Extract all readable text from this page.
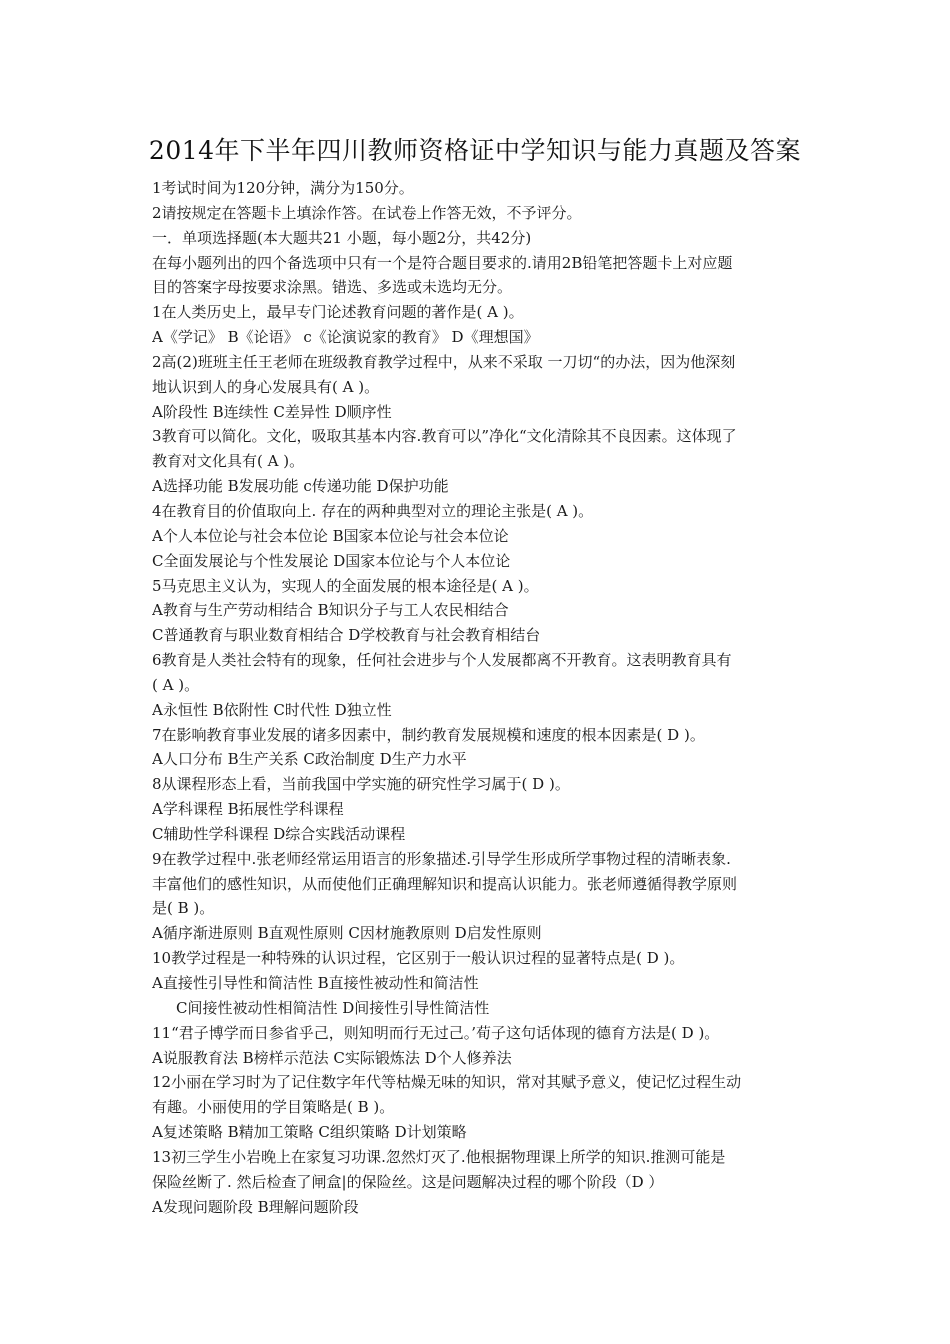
2014年下半年四川教师资格证中学知识与能力真题及答案
1考试时间为120分钟，满分为150分。
2请按规定在答题卡上填涂作答。在试卷上作答无效，不予评分。
一．单项选择题(本大题共21 小题，每小题2分，共42分)
在每小题列出的四个备选项中只有一个是符合题目要求的.请用2B铅笔把答题卡上对应题
目的答案字母按要求涂黑。错选、多选或未选均无分。
1在人类历史上，最早专门论述教育问题的著作是( A )。
A《学记》 B《论语》 c《论演说家的教育》 D《理想国》
2高(2)班班主任王老师在班级教育教学过程中，从来不采取 一刀切“的办法，因为他深刻
地认识到人的身心发展具有( A )。
A阶段性 B连续性 C差异性 D顺序性
3教育可以简化。文化，吸取其基本内容.教育可以”净化“文化清除其不良因素。这体现了
教育对文化具有( A )。
A选择功能 B发展功能 c传递功能 D保护功能
4在教育目的价值取向上. 存在的两种典型对立的理论主张是( A )。
A个人本位论与社会本位论 B国家本位论与社会本位论
C全面发展论与个性发展论 D国家本位论与个人本位论
5马克思主义认为，实现人的全面发展的根本途径是( A )。
A教育与生产劳动相结合 B知识分子与工人农民相结合
C普通教育与职业数育相结合 D学校教育与社会教育相结台
6教育是人类社会特有的现象，任何社会进步与个人发展都离不开教育。这表明教育具有
( A )。
A永恒性 B依附性 C时代性 D独立性
7在影响教育事业发展的诸多因素中，制约教育发展规模和速度的根本因素是( D )。
A人口分布 B生产关系 C政治制度 D生产力水平
8从课程形态上看，当前我国中学实施的研究性学习属于( D )。
A学科课程 B拓展性学科课程
C辅助性学科课程 D综合实践活动课程
9在教学过程中.张老师经常运用语言的形象描述.引导学生形成所学事物过程的清晰表象.
丰富他们的感性知识，从而使他们正确理解知识和提高认识能力。张老师遵循得教学原则
是( B )。
A循序渐进原则 B直观性原则 C因材施教原则 D启发性原则
10教学过程是一种特殊的认识过程，它区别于一般认识过程的显著特点是( D )。
A直接性引导性和简洁性 B直接性被动性和简洁性
C间接性被动性相简洁性 D间接性引导性简洁性
11“君子博学而日参省乎己，则知明而行无过己。’荀子这句话体现的德育方法是( D )。
A说服教育法 B榜样示范法 C实际锻炼法 D个人修养法
12小丽在学习时为了记住数字年代等枯燥无味的知识，常对其赋予意义，使记忆过程生动
有趣。小丽使用的学目策略是( B )。
A复述策略 B精加工策略 C组织策略 D计划策略
13初三学生小岩晚上在家复习功课.忽然灯灭了.他根据物理课上所学的知识.推测可能是
保险丝断了. 然后检查了闸盒|的保险丝。这是问题解决过程的哪个阶段（D ）
A发现问题阶段 B理解问题阶段
